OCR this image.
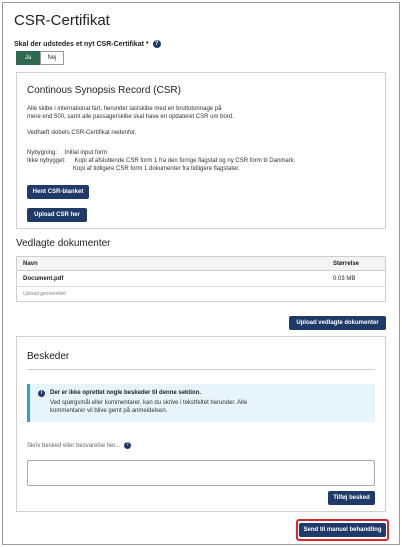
CSR-Certifikat
Skal der udstedes et nyt CSR-Certifikat * ?
Ja	Nej
Continous Synopsis Record (CSR)
Alle skibe i international fart, herunder lastskibe med en bruttotonnage på
mere end 500, samt alle passagerskibe skal have en opdateret CSR om bord.
Vedhæft skibets CSR-Certifikat nedenfor.
Nybygning: Initial input form
Ikke nybygget: Kopi af afsluttende CSR form 1 fra den forrige flagstat og ny CSR form til Danmark.
Kopi af tidligere CSR form 1 dokumenter fra tidligere flagstater.
Hent CSR-blanket
Upload CSR her
Vedlagte dokumenter
Navn	Størrelse
Document.pdf	0.03 MB
Upload gennemført
Upload vedlagte dokumenter
Beskeder
i	Der er ikke oprettet nogle beskeder til denne sektion.
Ved spørgsmål eller kommentarer, kan du skrive i tekstfeltet herunder. Alle
kommentarer vil blive gemt på anmeldelsen.
Skriv besked eller besvarelse her... ?
Tilføj besked
Send til manuel behandling
